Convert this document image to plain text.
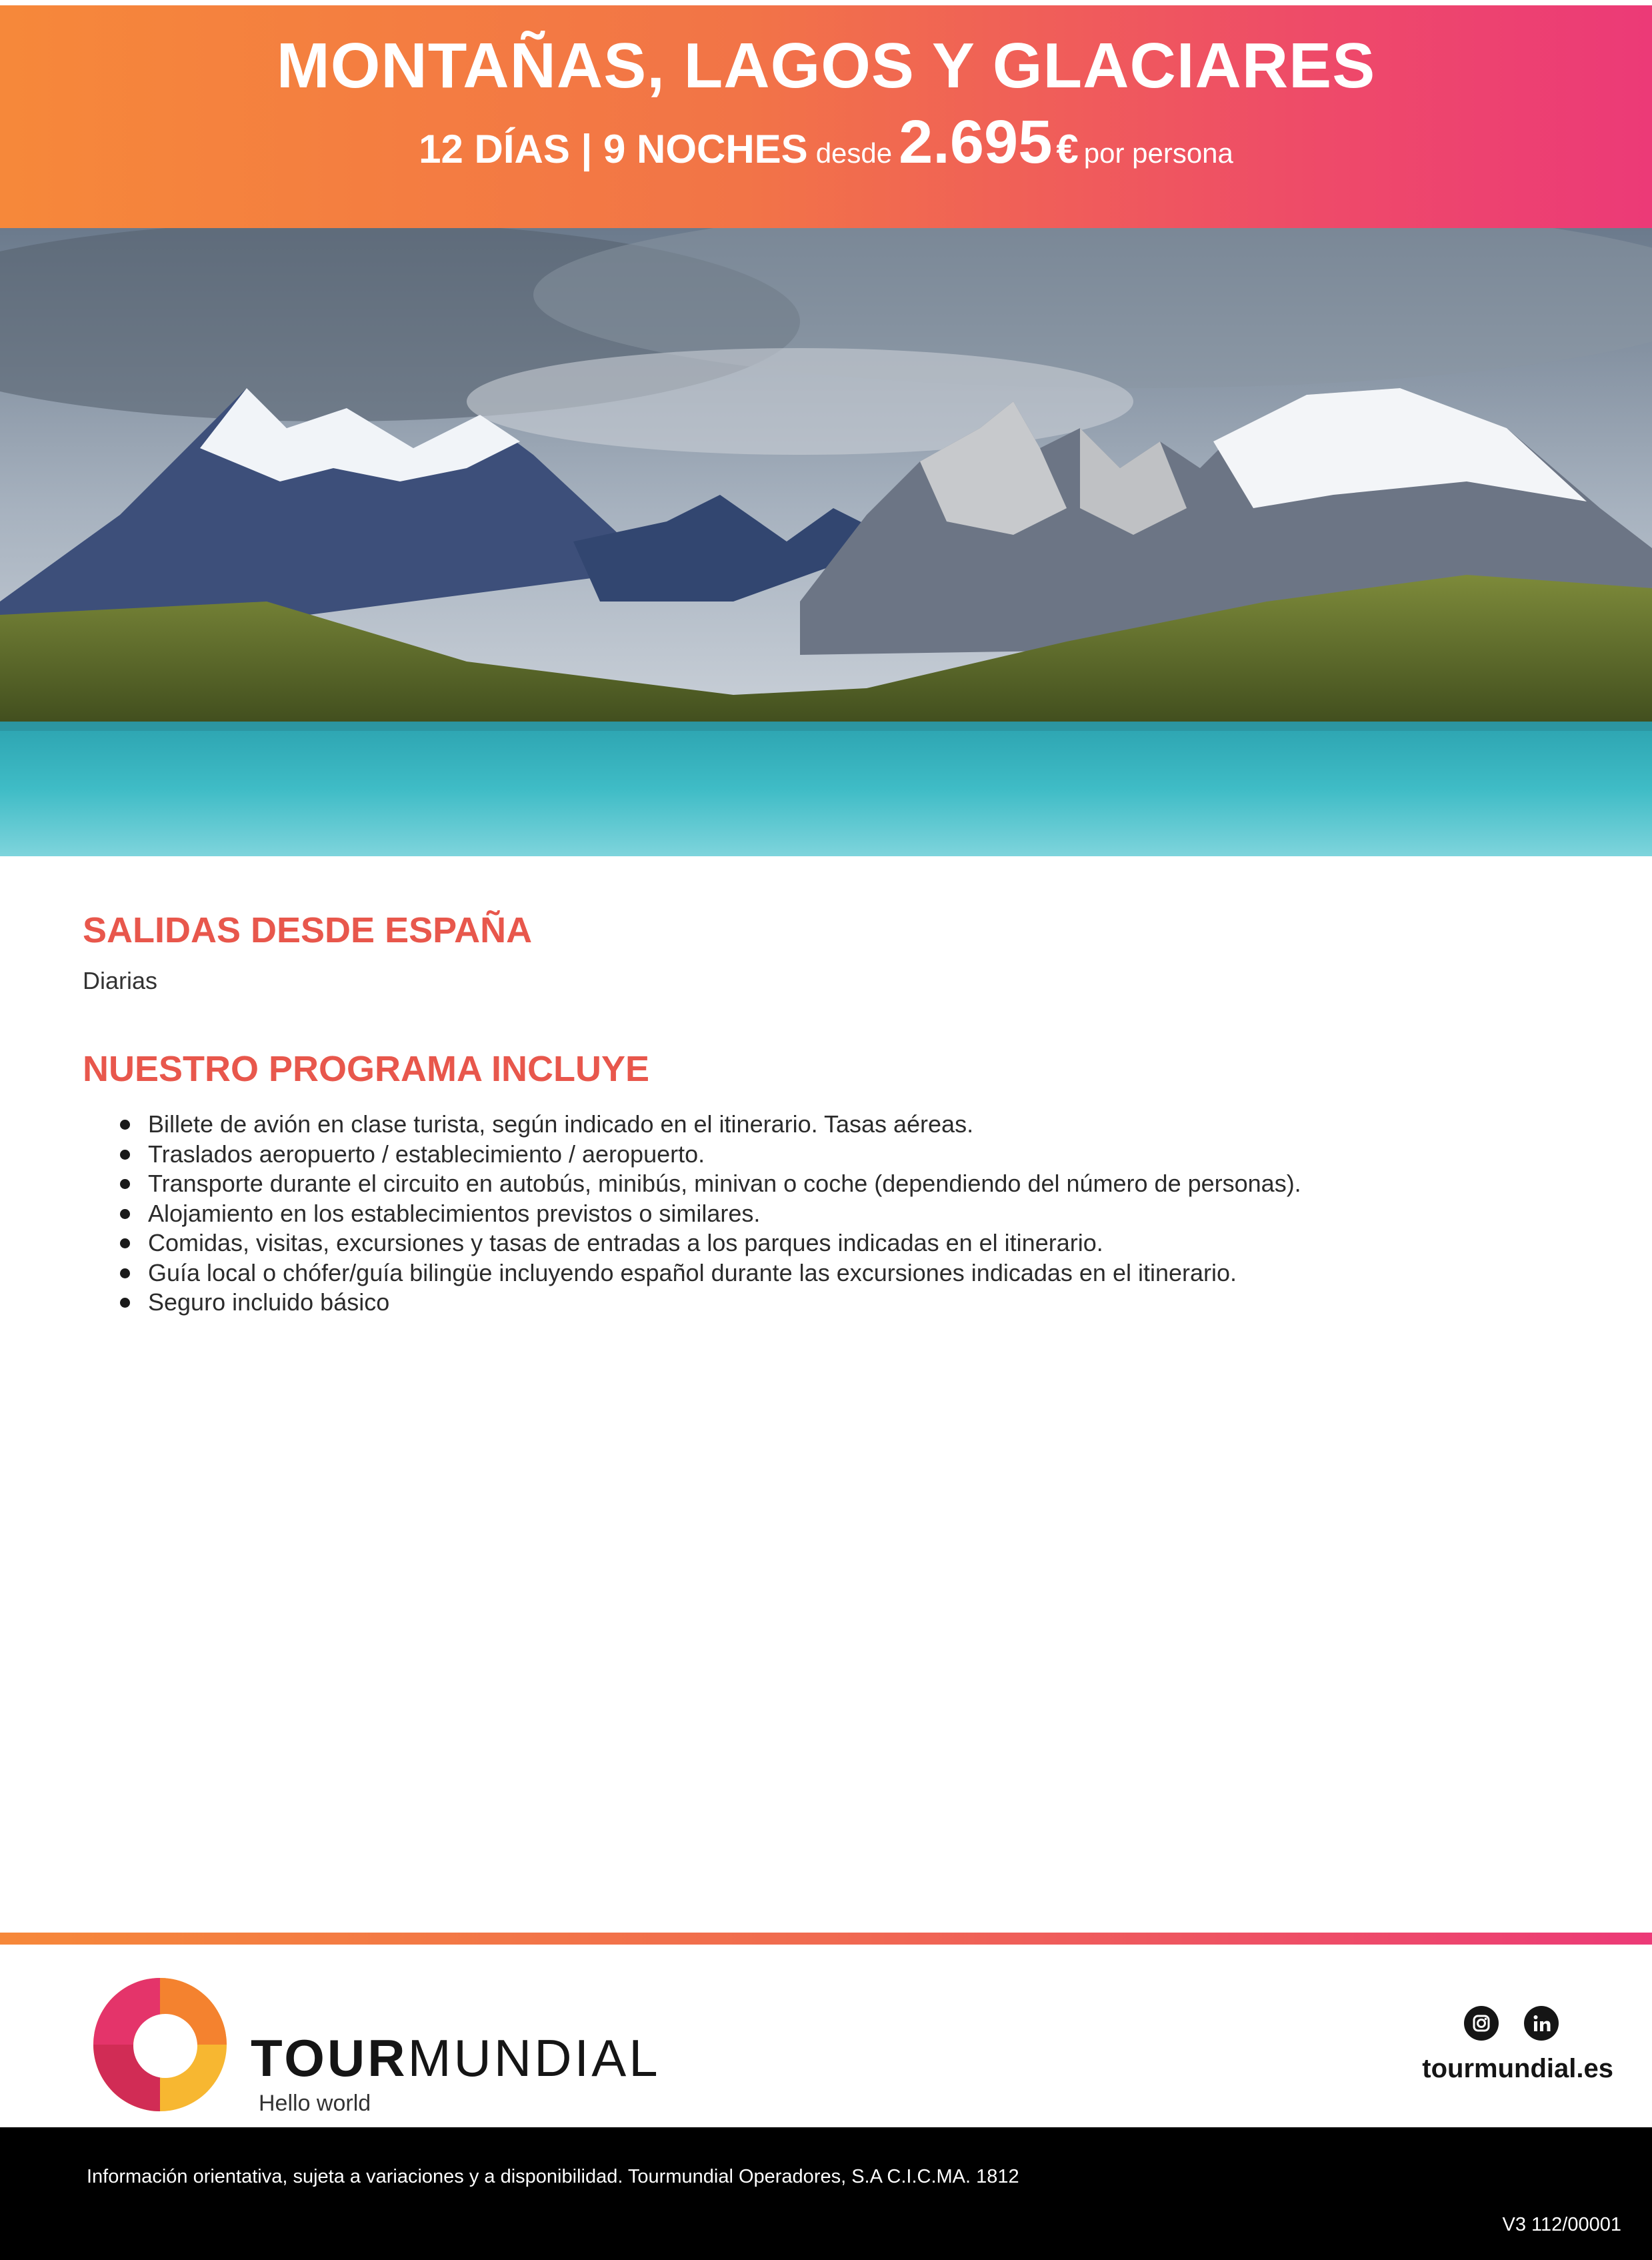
MONTAÑAS, LAGOS Y GLACIARES
12 DÍAS | 9 NOCHES desde 2.695 € por persona
SALIDAS DESDE ESPAÑA

Diarias

NUESTRO PROGRAMA INCLUYE
Billete de avión en clase turista, según indicado en el itinerario. Tasas aéreas.
Traslados aeropuerto / establecimiento / aeropuerto.
Transporte durante el circuito en autobús, minibús, minivan o coche (dependiendo del número de personas).
Alojamiento en los establecimientos previstos o similares.
Comidas, visitas, excursiones y tasas de entradas a los parques indicadas en el itinerario.
Guía local o chófer/guía bilingüe incluyendo español durante las excursiones indicadas en el itinerario.
Seguro incluido básico
TOURMUNDIAL
Hello world
tourmundial.es
Información orientativa, sujeta a variaciones y a disponibilidad. Tourmundial Operadores, S.A C.I.C.MA. 1812
V3 112/00001
